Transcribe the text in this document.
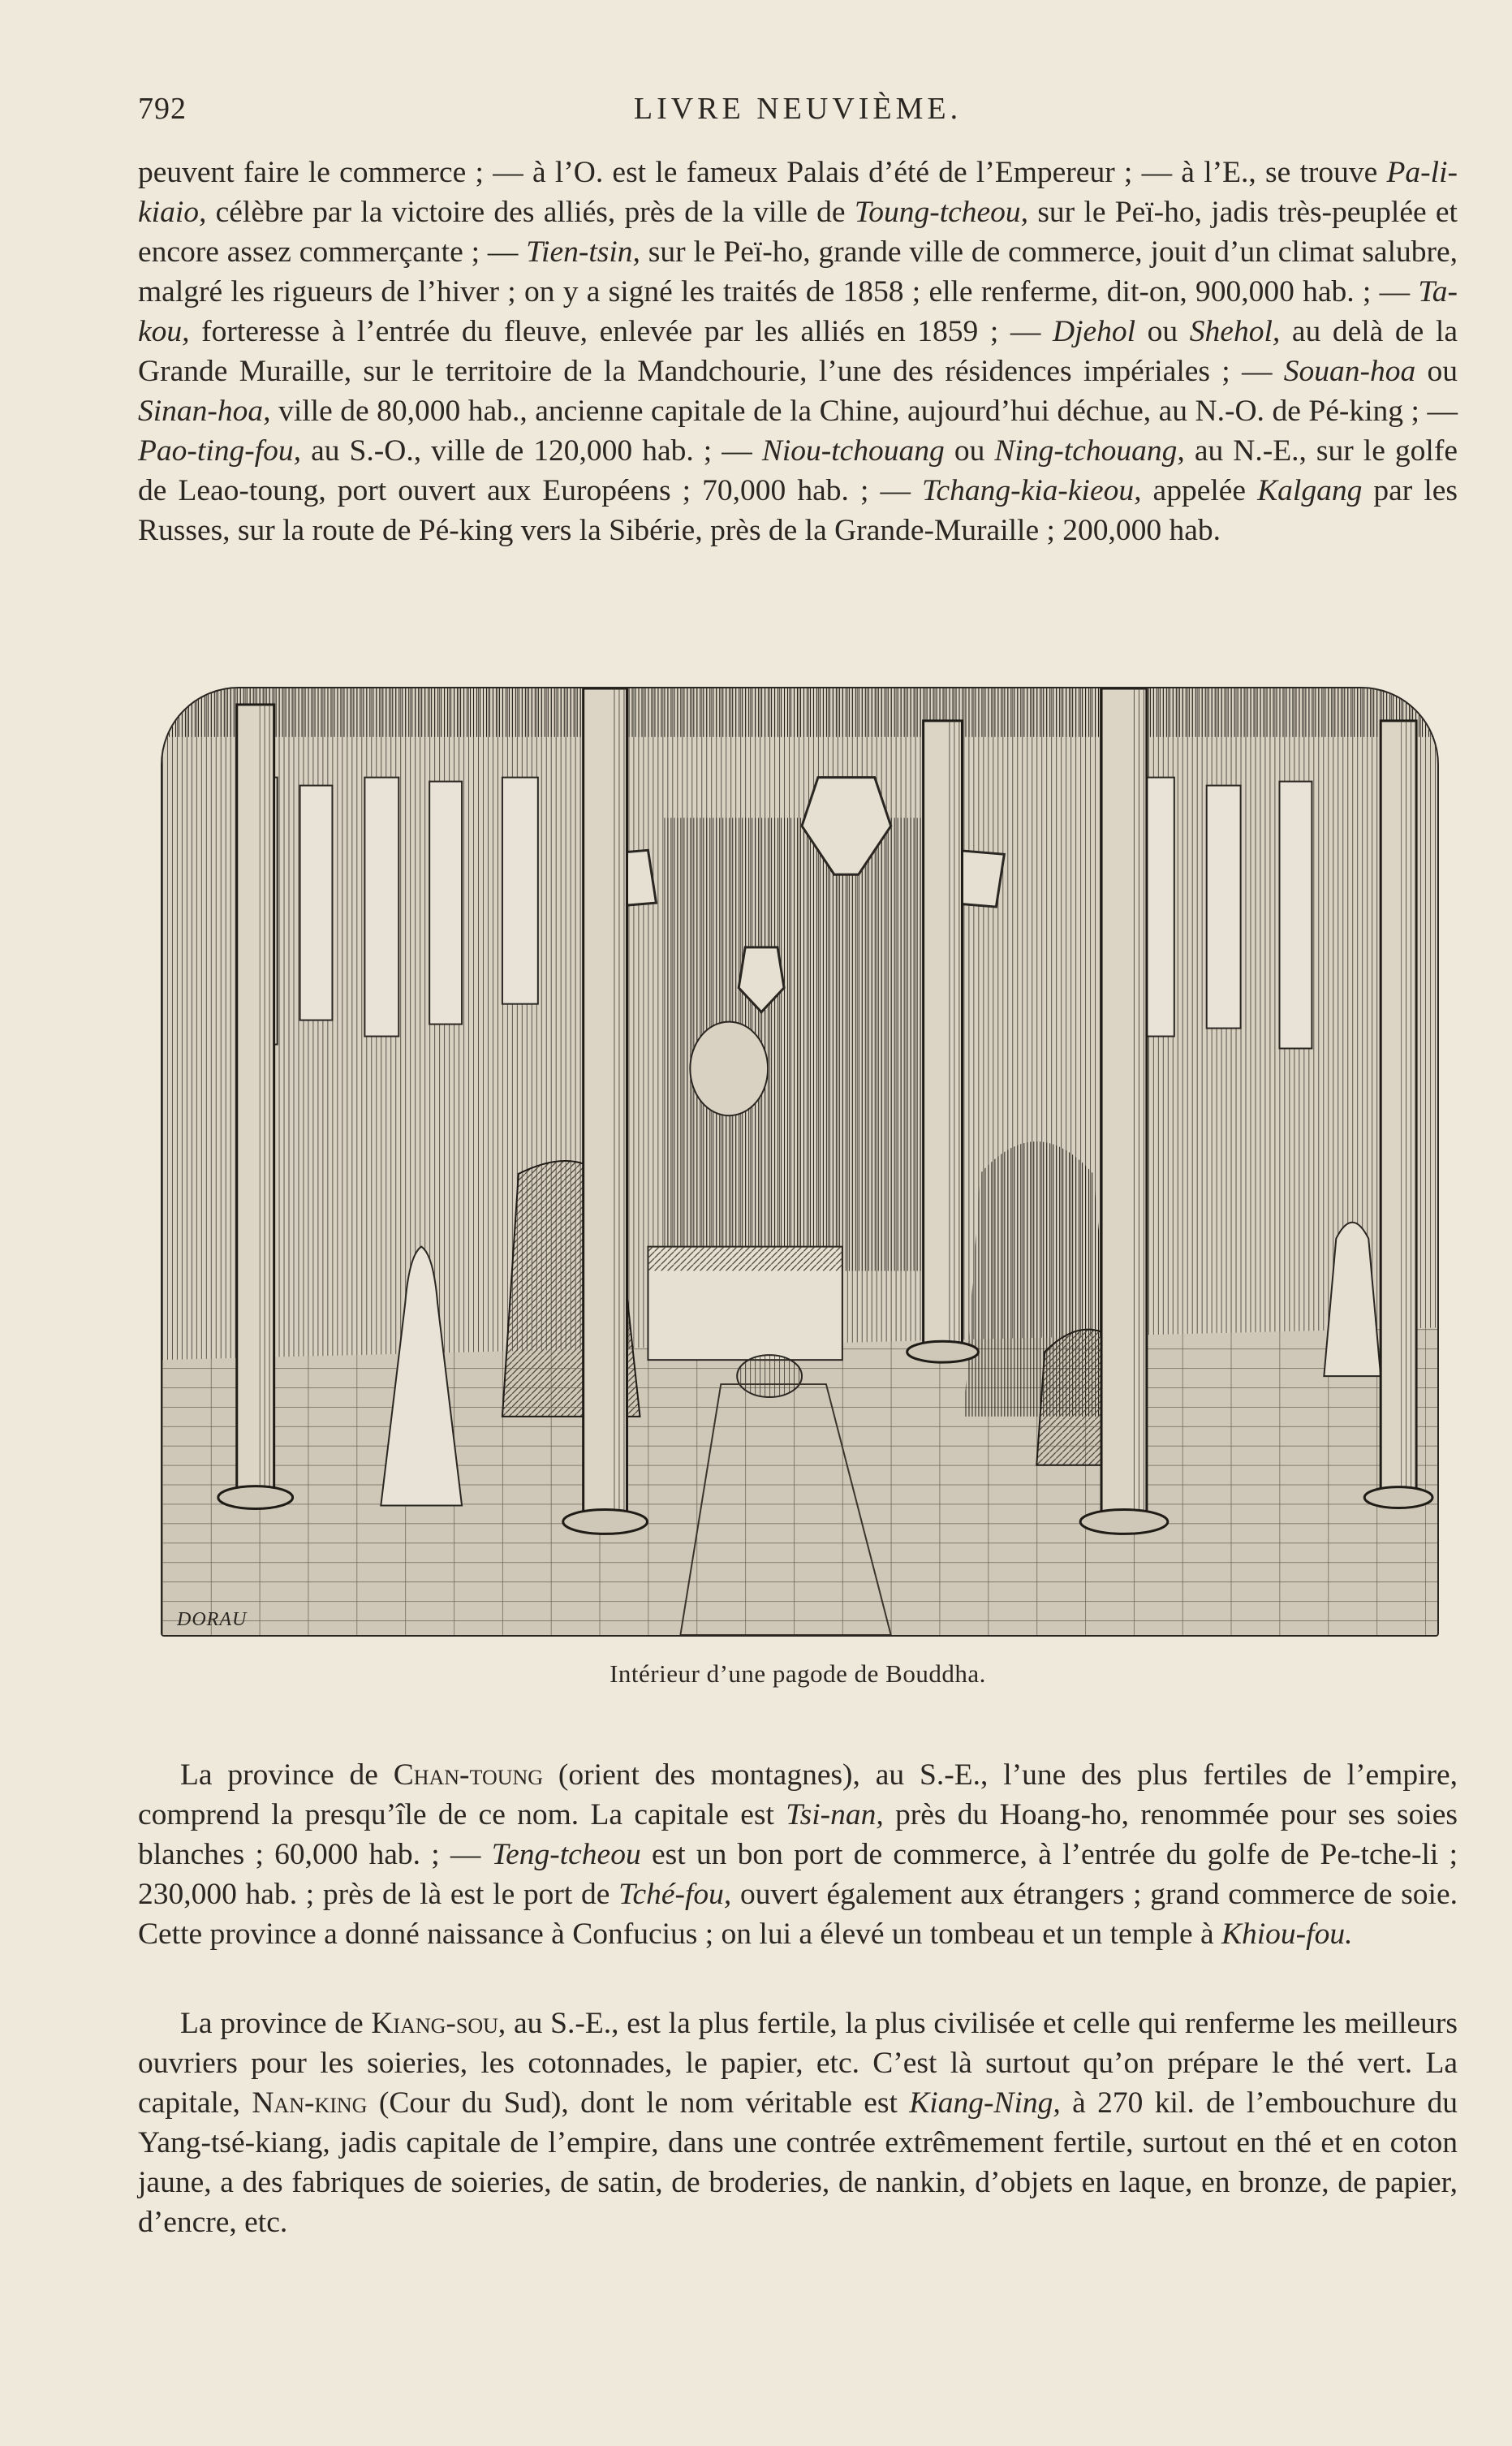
792	LIVRE NEUVIÈME.

peuvent faire le commerce ; — à l’O. est le fameux Palais d’été de l’Empereur ; — à l’E., se trouve Pa-li-kiaio, célèbre par la victoire des alliés, près de la ville de Toung-tcheou, sur le Peï-ho, jadis très-peuplée et encore assez commerçante ; — Tien-tsin, sur le Peï-ho, grande ville de commerce, jouit d’un climat salubre, malgré les rigueurs de l’hiver ; on y a signé les traités de 1858 ; elle renferme, dit-on, 900,000 hab. ; — Ta-kou, forteresse à l’entrée du fleuve, enlevée par les alliés en 1859 ; — Djehol ou Shehol, au delà de la Grande Muraille, sur le territoire de la Mandchourie, l’une des résidences impériales ; — Souan-hoa ou Sinan-hoa, ville de 80,000 hab., ancienne capitale de la Chine, aujourd’hui déchue, au N.-O. de Pé-king ; — Pao-ting-fou, au S.-O., ville de 120,000 hab. ; — Niou-tchouang ou Ning-tchouang, au N.-E., sur le golfe de Leao-toung, port ouvert aux Européens ; 70,000 hab. ; — Tchang-kia-kieou, appelée Kalgang par les Russes, sur la route de Pé-king vers la Sibérie, près de la Grande-Muraille ; 200,000 hab.

DORAU
Intérieur d’une pagode de Bouddha.

La province de Chan-toung (orient des montagnes), au S.-E., l’une des plus fertiles de l’empire, comprend la presqu’île de ce nom. La capitale est Tsi-nan, près du Hoang-ho, renommée pour ses soies blanches ; 60,000 hab. ; — Teng-tcheou est un bon port de commerce, à l’entrée du golfe de Pe-tche-li ; 230,000 hab. ; près de là est le port de Tché-fou, ouvert également aux étrangers ; grand commerce de soie. Cette province a donné naissance à Confucius ; on lui a élevé un tombeau et un temple à Khiou-fou.

La province de Kiang-sou, au S.-E., est la plus fertile, la plus civilisée et celle qui renferme les meilleurs ouvriers pour les soieries, les cotonnades, le papier, etc. C’est là surtout qu’on prépare le thé vert. La capitale, Nan-king (Cour du Sud), dont le nom véritable est Kiang-Ning, à 270 kil. de l’embouchure du Yang-tsé-kiang, jadis capitale de l’empire, dans une contrée extrêmement fertile, surtout en thé et en coton jaune, a des fabriques de soieries, de satin, de broderies, de nankin, d’objets en laque, en bronze, de papier, d’encre, etc.
